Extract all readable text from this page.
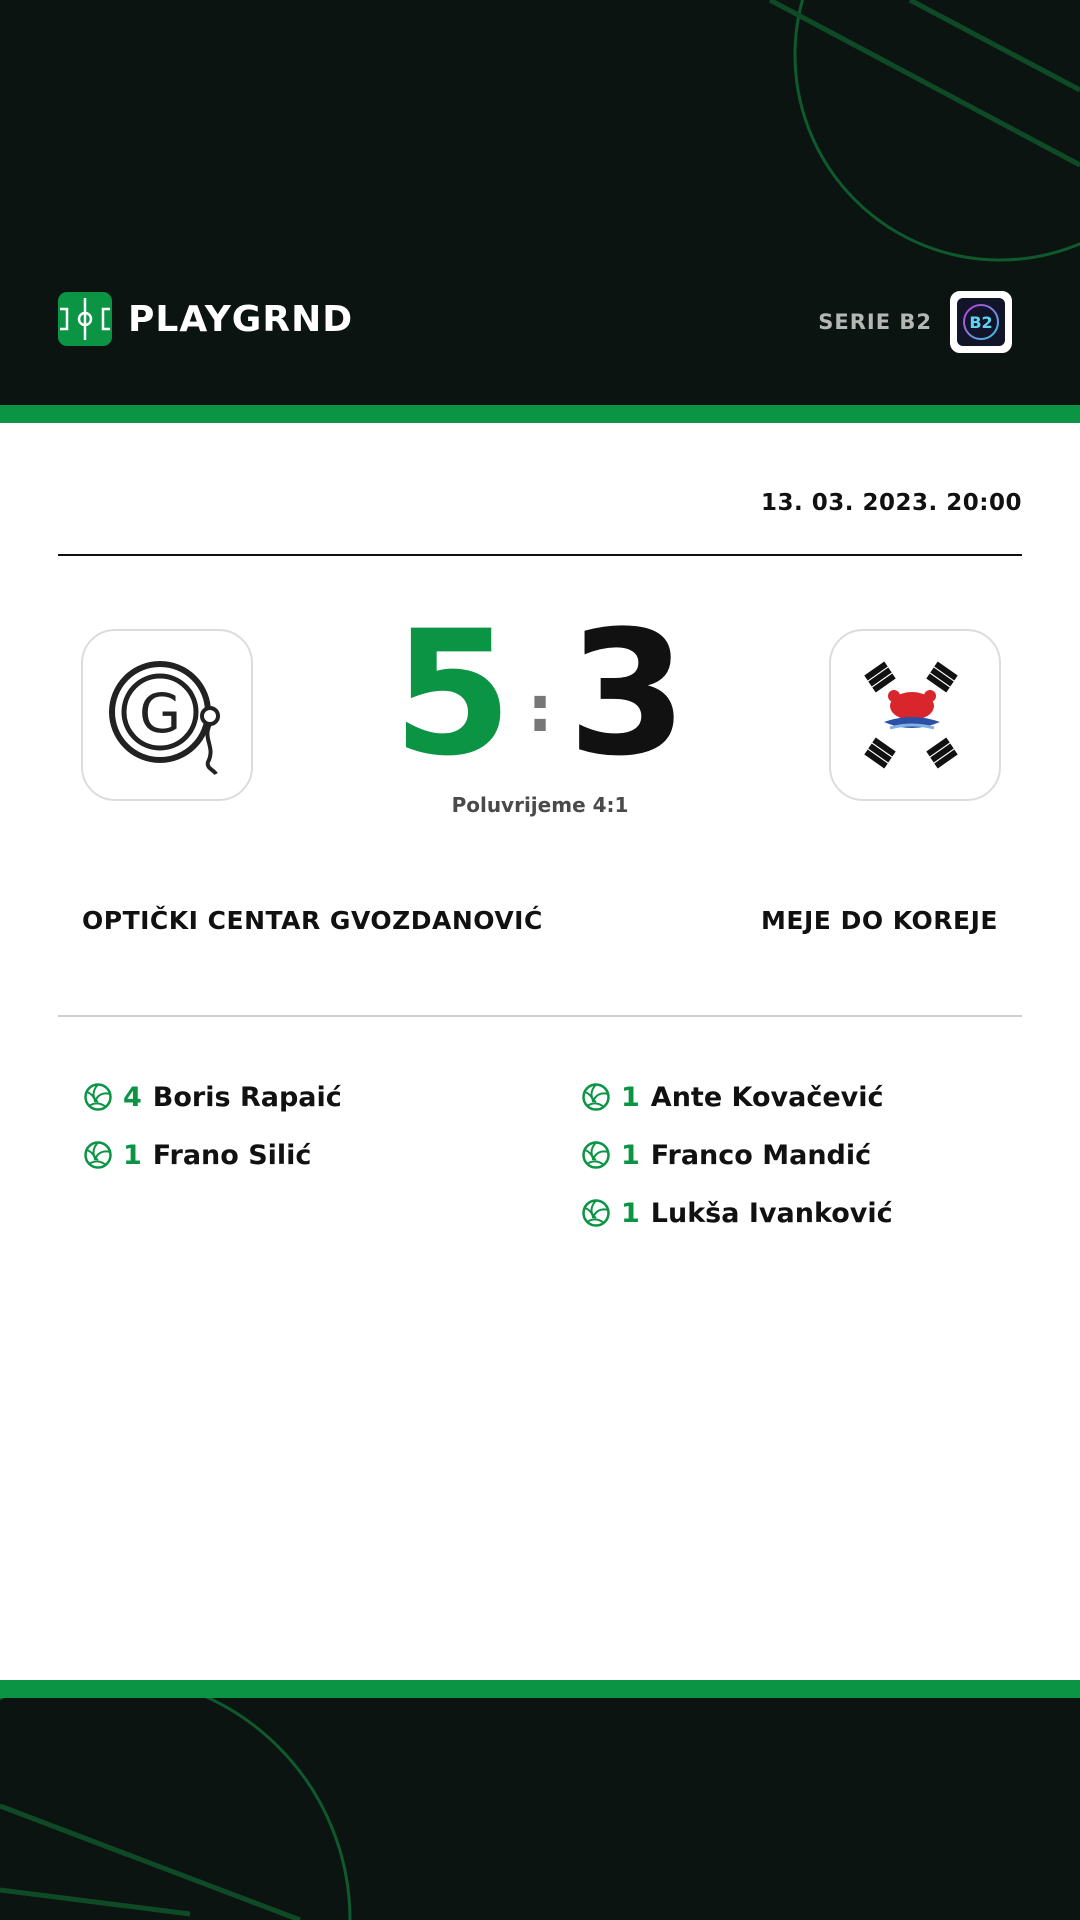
PLAYGRND	SERIE B2 B2
13. 03. 2023. 20:00
G 5 : 3
Poluvrijeme 4:1
OPTIČKI CENTAR GVOZDANOVIĆ	MEJE DO KOREJE
4 Boris Rapaić
1 Frano Silić
1 Ante Kovačević
1 Franco Mandić
1 Lukša Ivanković
